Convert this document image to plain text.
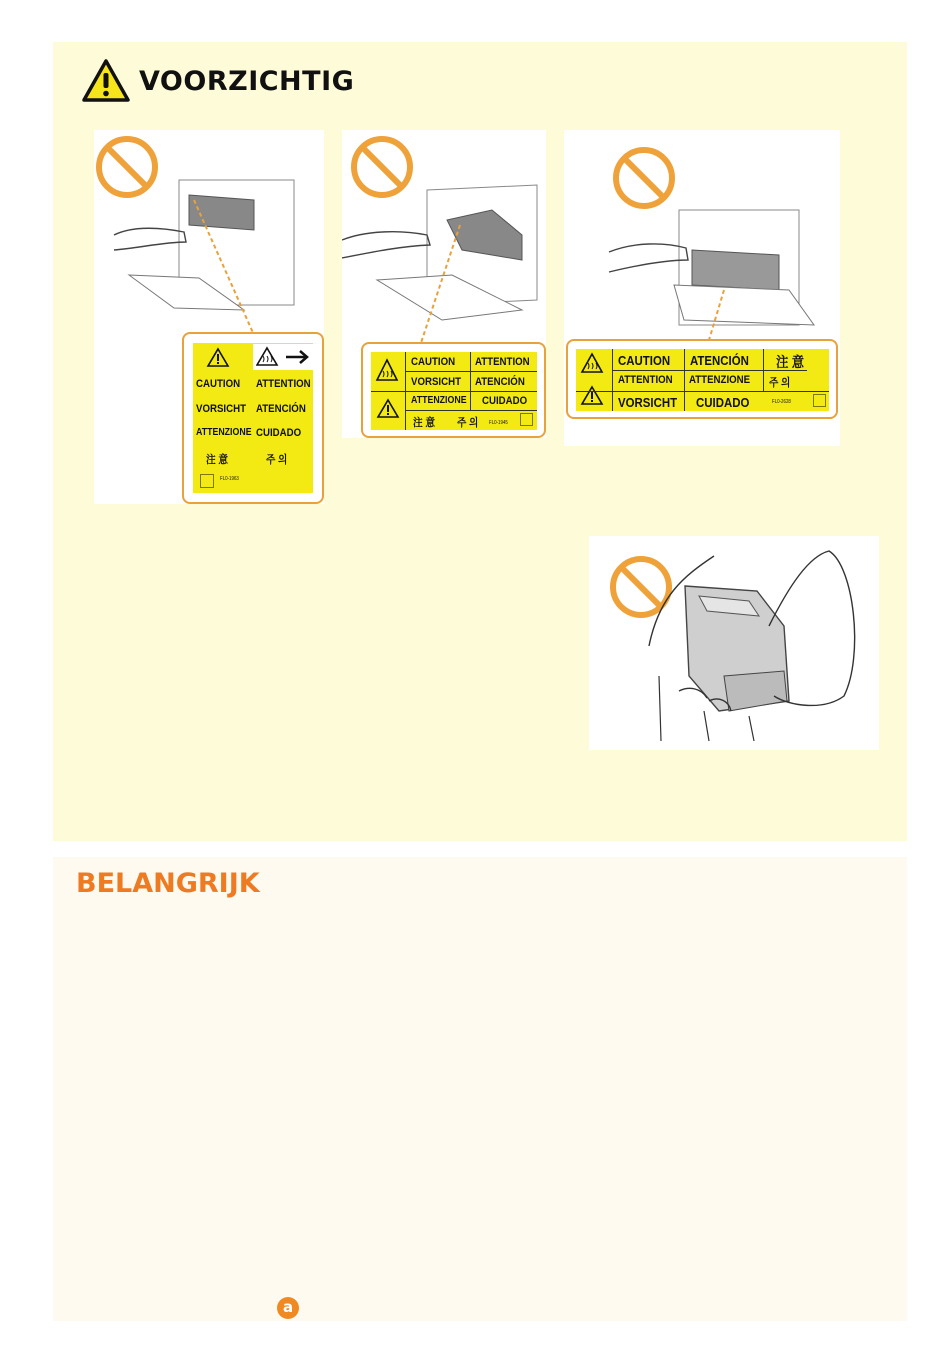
VOORZICHTIG
CAUTION ATTENTION
VORSICHT ATENCIÓN
ATTENZIONE CUIDADO
注 意	주 의
FL0-1963
CAUTION ATTENTION
VORSICHT ATENCIÓN
ATTENZIONE CUIDADO
注 意 주 의 FL0-1945
CAUTION ATENCIÓN 注 意
ATTENTION ATTENZIONE 주 의
VORSICHT CUIDADO	FL0-2628
BELANGRIJK
a
